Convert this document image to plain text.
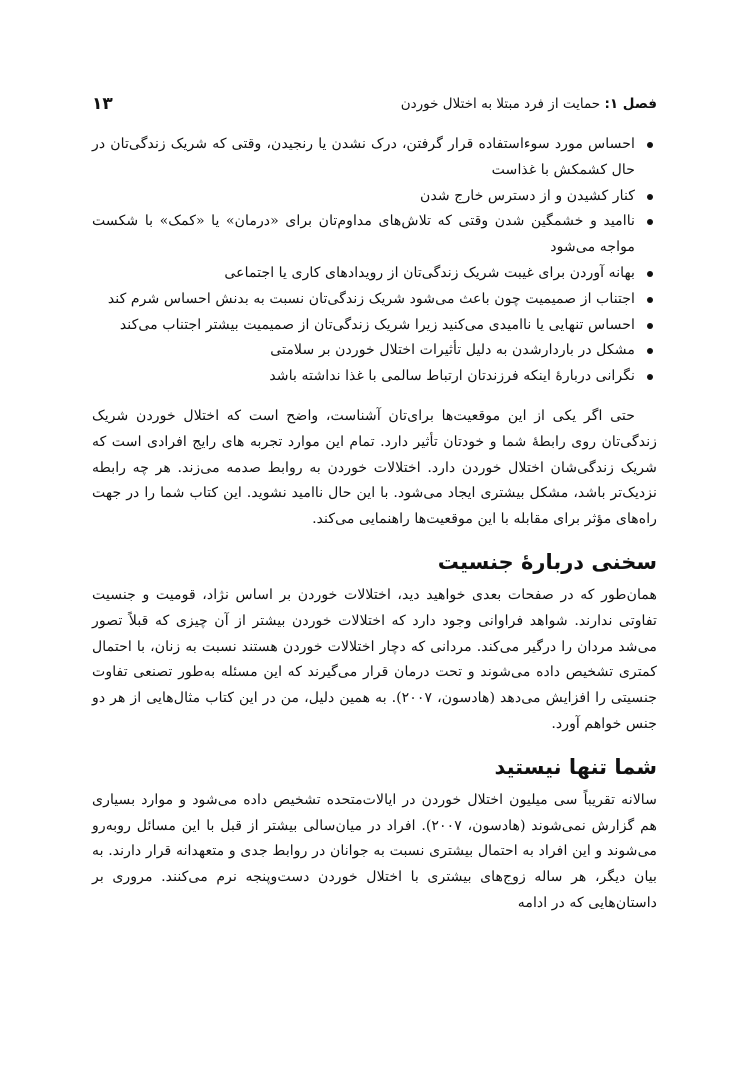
فصل ۱: حمایت از فرد مبتلا به اختلال خوردن
۱۳
احساس مورد سوءاستفاده قرار گرفتن، درک نشدن یا رنجیدن، وقتی که شریک زندگی‌تان در حال کشمکش با غذاست
کنار کشیدن و از دسترس خارج شدن
ناامید و خشمگین شدن وقتی که تلاش‌های مداوم‌تان برای «درمان» یا «کمک» با شکست مواجه می‌شود
بهانه آوردن برای غیبت شریک زندگی‌تان از رویدادهای کاری یا اجتماعی
اجتناب از صمیمیت چون باعث می‌شود شریک زندگی‌تان نسبت به بدنش احساس شرم کند
احساس تنهایی یا ناامیدی می‌کنید زیرا شریک زندگی‌تان از صمیمیت بیشتر اجتناب می‌کند
مشکل در باردارشدن به دلیل تأثیرات اختلال خوردن بر سلامتی
نگرانی دربارهٔ اینکه فرزندتان ارتباط سالمی با غذا نداشته باشد

حتی اگر یکی از این موقعیت‌ها برای‌تان آشناست، واضح است که اختلال خوردن شریک زندگی‌تان روی رابطهٔ شما و خودتان تأثیر دارد. تمام این موارد تجربه های رایج افرادی است که شریک زندگی‌شان اختلال خوردن دارد. اختلالات خوردن به روابط صدمه می‌زند. هر چه رابطه نزدیک‌تر باشد، مشکل بیشتری ایجاد می‌شود. با این حال ناامید نشوید. این کتاب شما را در جهت راه‌های مؤثر برای مقابله با این موقعیت‌ها راهنمایی می‌کند.

سخنی دربارهٔ جنسیت

همان‌طور که در صفحات بعدی خواهید دید، اختلالات خوردن بر اساس نژاد، قومیت و جنسیت تفاوتی ندارند. شواهد فراوانی وجود دارد که اختلالات خوردن بیشتر از آن چیزی که قبلاً تصور می‌شد مردان را درگیر می‌کند. مردانی که دچار اختلالات خوردن هستند نسبت به زنان، با احتمال کمتری تشخیص داده می‌شوند و تحت درمان قرار می‌گیرند که این مسئله به‌طور تصنعی تفاوت جنسیتی را افزایش می‌دهد (هادسون، ۲۰۰۷). به همین دلیل، من در این کتاب مثال‌هایی از هر دو جنس خواهم آورد.

شما تنها نیستید

سالانه تقریباً سی میلیون اختلال خوردن در ایالات‌متحده تشخیص داده می‌شود و موارد بسیاری هم گزارش نمی‌شوند (هادسون، ۲۰۰۷). افراد در میان‌سالی بیشتر از قبل با این مسائل روبه‌رو می‌شوند و این افراد به احتمال بیشتری نسبت به جوانان در روابط جدی و متعهدانه قرار دارند. به بیان دیگر، هر ساله زوج‌های بیشتری با اختلال خوردن دست‌وپنجه نرم می‌کنند. مروری بر داستان‌هایی که در ادامه
